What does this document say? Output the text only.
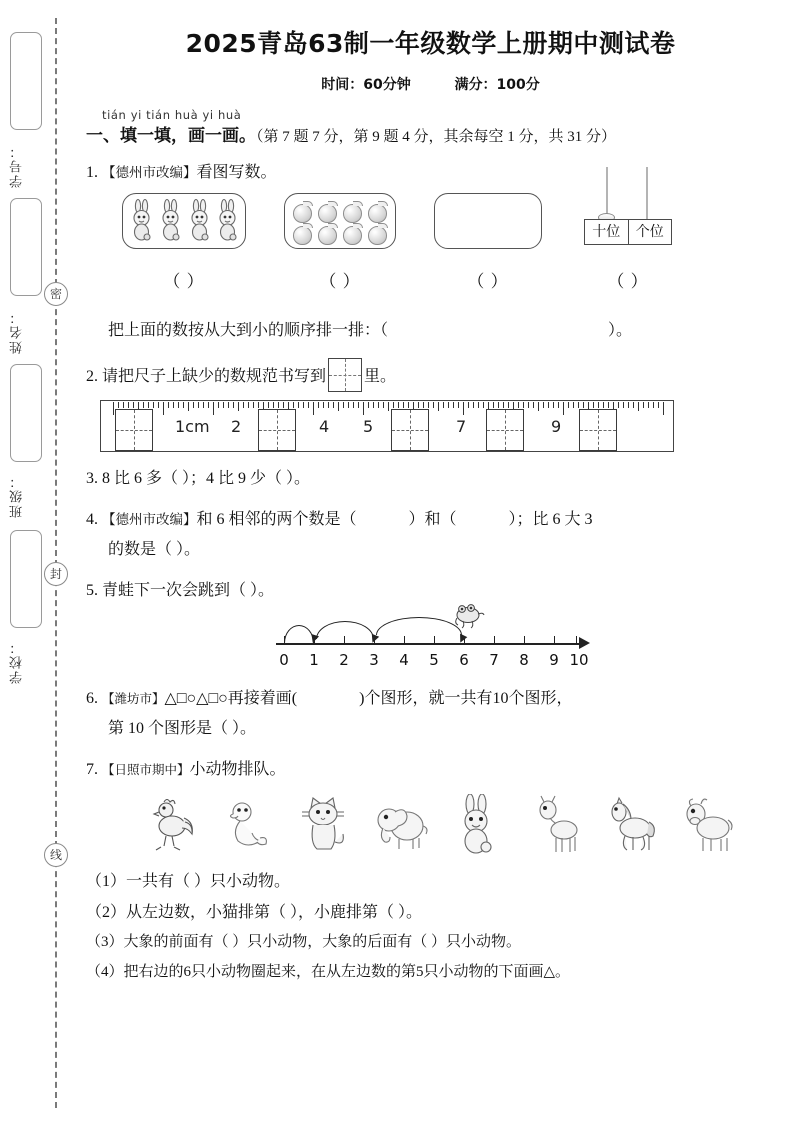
学号：
姓名：
班级：
学校：
密
封
线
2025青岛63制一年级数学上册期中测试卷
时间：60分钟	满分：100分
tián yi tián huà yi huà
一、填一填，画一画。（第 7 题 7 分，第 9 题 4 分，其余每空 1 分，共 31 分）
1. 【德州市改编】看图写数。
（ ）	（ ）	（ ）
十位	个位
（ ）
把上面的数按从大到小的顺序排一排：（	）。
2. 请把尺子上缺少的数规范书写到 里。
1cm 2	4 5	7	9
3. 8 比 6 多（ ）；4 比 9 少（ ）。
4. 【德州市改编】和 6 相邻的两个数是（	）和（	）；比 6 大 3
的数是（ ）。
5. 青蛙下一次会跳到（ ）。
0	1	2	3	4	5	6	7	8	9 10
6. 【潍坊市】△□○△□○再接着画(	)个图形，就一共有10个图形，
第 10 个图形是（ ）。
7. 【日照市期中】小动物排队。
（1）一共有（ ）只小动物。
（2）从左边数，小猫排第（ ），小鹿排第（ ）。
（3）大象的前面有（ ）只小动物，大象的后面有（ ）只小动物。
（4）把右边的6只小动物圈起来，在从左边数的第5只小动物的下面画△。
